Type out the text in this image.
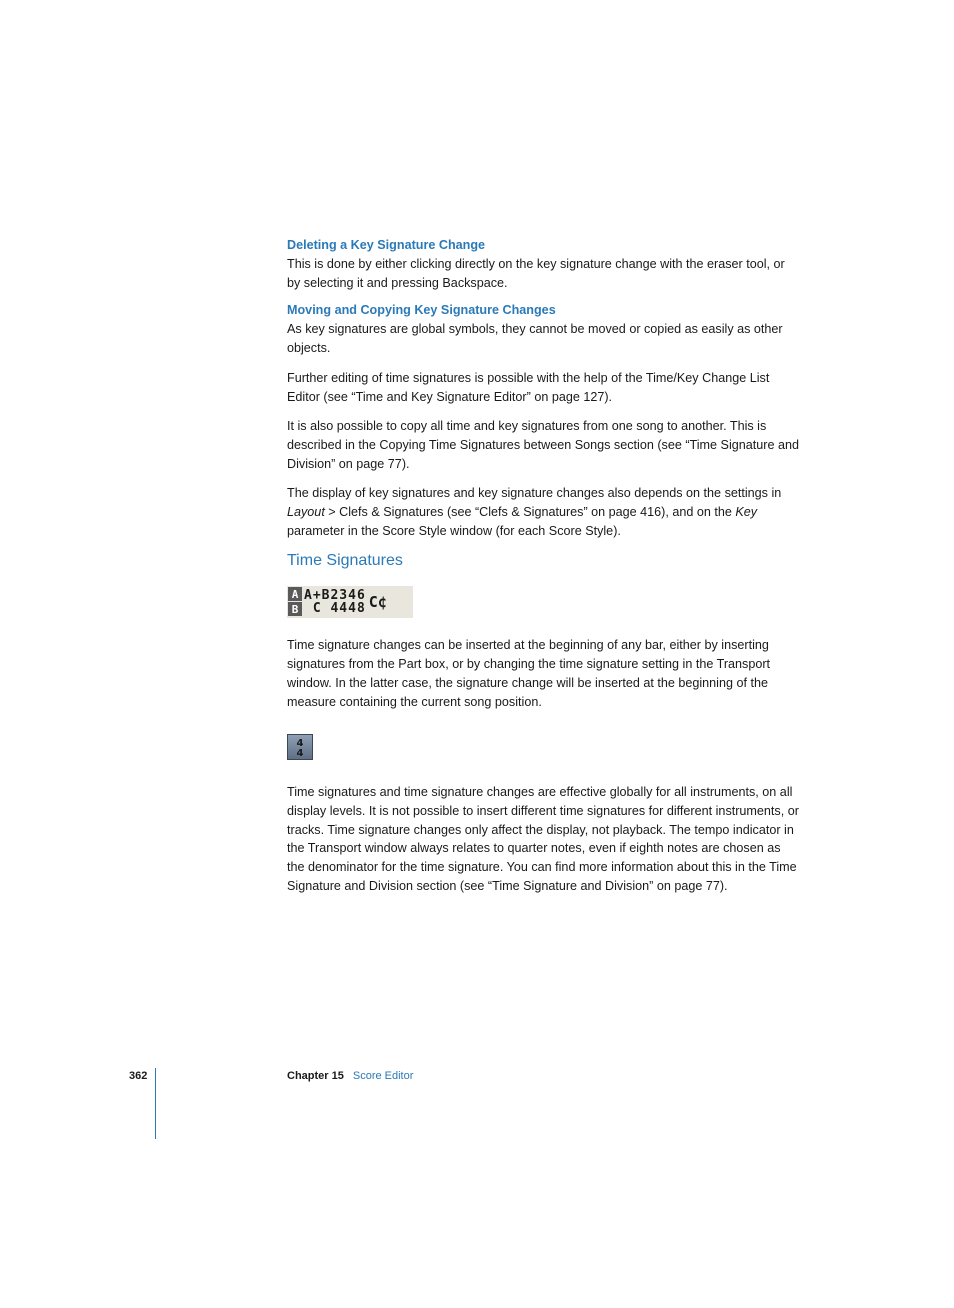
Deleting a Key Signature Change

This is done by either clicking directly on the key signature change with the eraser tool, or by selecting it and pressing Backspace.

Moving and Copying Key Signature Changes

As key signatures are global symbols, they cannot be moved or copied as easily as other objects.

Further editing of time signatures is possible with the help of the Time/Key Change List Editor (see “Time and Key Signature Editor” on page 127).

It is also possible to copy all time and key signatures from one song to another. This is described in the Copying Time Signatures between Songs section (see “Time Signature and Division” on page 77).

The display of key signatures and key signature changes also depends on the settings in Layout > Clefs & Signatures (see “Clefs & Signatures” on page 416), and on the Key parameter in the Score Style window (for each Score Style).

Time Signatures
A
B
A+B2346
C 4448 C¢

Time signature changes can be inserted at the beginning of any bar, either by inserting signatures from the Part box, or by changing the time signature setting in the Transport window. In the latter case, the signature change will be inserted at the beginning of the measure containing the current song position.

4
4

Time signatures and time signature changes are effective globally for all instruments, on all display levels. It is not possible to insert different time signatures for different instruments, or tracks. Time signature changes only affect the display, not playback. The tempo indicator in the Transport window always relates to quarter notes, even if eighth notes are chosen as the denominator for the time signature. You can find more information about this in the Time Signature and Division section (see “Time Signature and Division” on page 77).

362	Chapter 15 Score Editor
